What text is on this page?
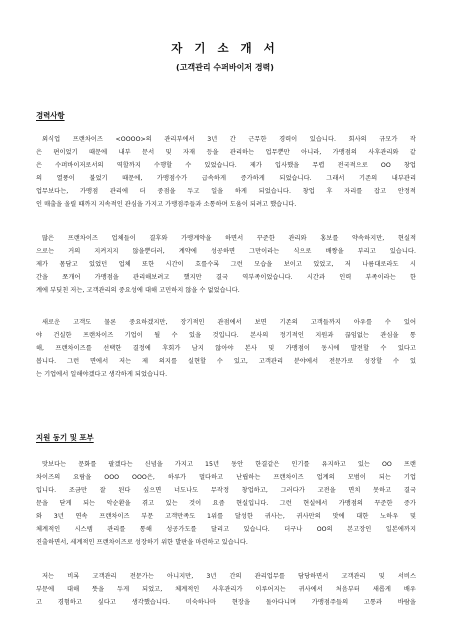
자 기 소 개 서
(고객관리 수퍼바이저 경력)
경력사항
외식업 프랜차이즈 <OOOO>의 관리부에서 3년 간 근무한 경력이 있습니다. 회사의 규모가 작
은 편이었기 때문에 내부 문서 및 자재 등을 관리하는 업무뿐만 아니라, 가맹점의 사후관리와 같
은 수퍼바이저로서의 역할까지 수행할 수 있었습니다. 제가 입사했을 무렵 전국적으로 OO 창업
의 열풍이 불었기 때문에, 가맹점수가 급속하게 증가하게 되었습니다. 그래서 기존의 내부관리
업무보다는, 가맹점 관리에 더 중점을 두고 일을 하게 되었습니다. 창업 후 자리를 잡고 안정적
인 매출을 올릴 때까지 지속적인 관심을 가지고 가맹점주들과 소통하며 도움이 되려고 했습니다.
많은 프랜차이즈 업체들이 결후와 가맹계약을 하면서 꾸준한 관리와 홍보를 약속하지만, 현실적
으로는 거의 지켜지지 않을뿐더러, 계약에 성공하면 그만이라는 식으로 배짱을 부리고 있습니다.
제가 몸담고 있었던 업체 또한 시간이 흐를수록 그런 모습을 보이고 있었고, 저 나름대로라도 시
간을 쪼개어 가맹점을 관리해보려고 했지만 결국 역부족이었습니다. 시간과 인력 부족이라는 한
계에 부딪친 저는, 고객관리의 중요성에 대해 고민하지 않을 수 없었습니다.
새로운 고객도 물론 중요하겠지만, 장기적인 관점에서 보면 기존의 고객들까지 아우를 수 있어
야 건실한 프랜차이즈 기업이 될 수 있을 것입니다. 본사의 정기적인 지원과 끊임없는 관심을 통
해, 프랜차이즈를 선택한 결정에 후회가 남지 않아야 본사 및 가맹점이 동시에 발전할 수 있다고
봅니다. 그런 면에서 저는 제 의지를 실현할 수 있고, 고객관리 분야에서 전문가로 성장할 수 있
는 기업에서 일해야겠다고 생각하게 되었습니다.
지원 동기 및 포부
맛보다는 문화를 팔겠다는 신념을 가지고 15년 동안 한결같은 인기를 유지하고 있는 OO 프랜
차이즈의 요람을 OOO OOO은, 하루가 멀다하고 난립하는 프랜차이즈 업계의 모범이 되는 기업
입니다. 조금만 잘 된다 싶으면 너도나도 무작정 창업하고, 그러다가 고전을 면치 못하고 결국
문을 닫게 되는 악순환을 겪고 있는 것이 요즘 현실입니다. 그런 현실에서 가맹점의 꾸준한 증가
와 3년 연속 프랜차이즈 부문 고객만족도 1위를 달성한 귀사는, 귀사만의 맛에 대한 노하우 및
체계적인 시스템 관리를 통해 성공가도를 달리고 있습니다. 더구나 OO의 본고장인 일본에까지
진출하면서, 세계적인 프랜차이즈로 성장하기 위한 발판을 마련하고 있습니다.
저는 비록 고객관리 전문가는 아니지만, 3년 간의 관리업무를 담당하면서 고객관리 및 서비스
부문에 대해 뜻을 두게 되었고, 체계적인 사후관리가 이루어지는 귀사에서 처음부터 새롭게 배우
고 경험하고 싶다고 생각했습니다. 미숙하나마 현장을 돌아다니며 가맹점주들의 고통과 바람을
